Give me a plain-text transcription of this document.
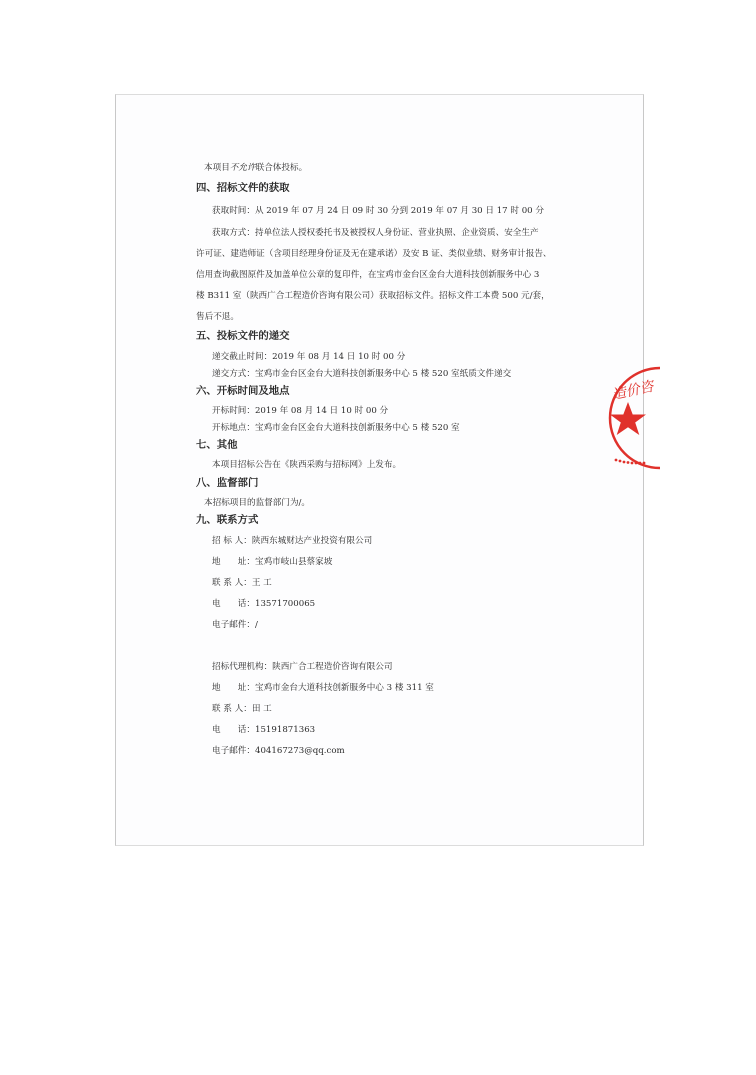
本项目不允许联合体投标。
四、招标文件的获取
获取时间：从 2019 年 07 月 24 日 09 时 30 分到 2019 年 07 月 30 日 17 时 00 分
获取方式：持单位法人授权委托书及被授权人身份证、营业执照、企业资质、安全生产
许可证、建造师证（含项目经理身份证及无在建承诺）及安 B 证、类似业绩、财务审计报告、
信用查询截图原件及加盖单位公章的复印件，在宝鸡市金台区金台大道科技创新服务中心 3
楼 B311 室（陕西广合工程造价咨询有限公司）获取招标文件。招标文件工本费 500 元/套，
售后不退。
五、投标文件的递交
递交截止时间：2019 年 08 月 14 日 10 时 00 分
递交方式：宝鸡市金台区金台大道科技创新服务中心 5 楼 520 室纸质文件递交
六、开标时间及地点
开标时间：2019 年 08 月 14 日 10 时 00 分
开标地点：宝鸡市金台区金台大道科技创新服务中心 5 楼 520 室
七、其他
本项目招标公告在《陕西采购与招标网》上发布。
八、监督部门
本招标项目的监督部门为/。
九、联系方式
招 标 人：陕西东城财达产业投资有限公司
地　　址：宝鸡市岐山县蔡家坡
联 系 人：王 工
电　　话：13571700065
电子邮件：/
招标代理机构：陕西广合工程造价咨询有限公司
地　　址：宝鸡市金台大道科技创新服务中心 3 楼 311 室
联 系 人：田 工
电　　话：15191871363
电子邮件：404167273@qq.com
造价咨
